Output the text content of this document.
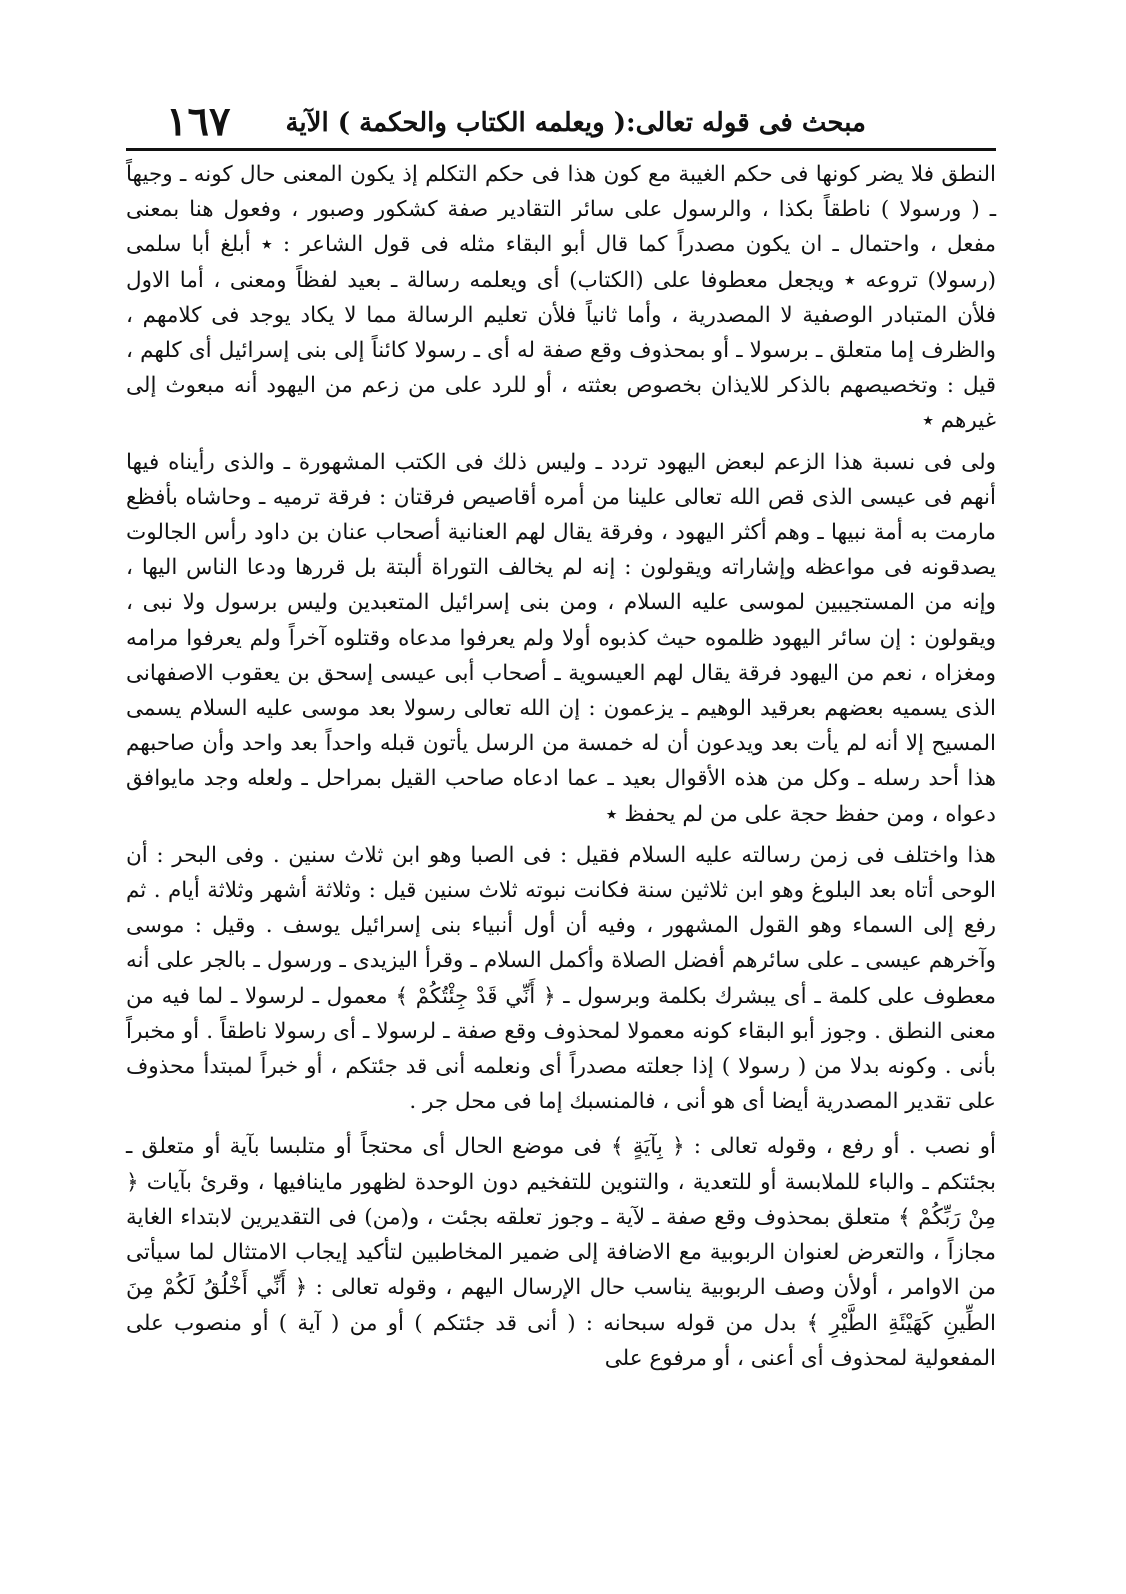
مبحث فى قوله تعالى:( ويعلمه الكتاب والحكمة ) الآية
١٦٧

النطق فلا يضر كونها فى حكم الغيبة مع كون هذا فى حكم التكلم إذ يكون المعنى حال كونه ـ وجيهاً ـ ( ورسولا ) ناطقاً بكذا ، والرسول على سائر التقادير صفة كشكور وصبور ، وفعول هنا بمعنى مفعل ، واحتمال ـ ان يكون مصدراً كما قال أبو البقاء مثله فى قول الشاعر : ٭ أبلغ أبا سلمى (رسولا) تروعه ٭ ويجعل معطوفا على (الكتاب) أى ويعلمه رسالة ـ بعيد لفظاً ومعنى ، أما الاول فلأن المتبادر الوصفية لا المصدرية ، وأما ثانياً فلأن تعليم الرسالة مما لا يكاد يوجد فى كلامهم ، والظرف إما متعلق ـ برسولا ـ أو بمحذوف وقع صفة له أى ـ رسولا كائناً إلى بنى إسرائيل أى كلهم ، قيل : وتخصيصهم بالذكر للايذان بخصوص بعثته ، أو للرد على من زعم من اليهود أنه مبعوث إلى غيرهم ٭

ولى فى نسبة هذا الزعم لبعض اليهود تردد ـ وليس ذلك فى الكتب المشهورة ـ والذى رأيناه فيها أنهم فى عيسى الذى قص الله تعالى علينا من أمره أقاصيص فرقتان : فرقة ترميه ـ وحاشاه بأفظع مارمت به أمة نبيها ـ وهم أكثر اليهود ، وفرقة يقال لهم العنانية أصحاب عنان بن داود رأس الجالوت يصدقونه فى مواعظه وإشاراته ويقولون : إنه لم يخالف التوراة ألبتة بل قررها ودعا الناس اليها ، وإنه من المستجيبين لموسى عليه السلام ، ومن بنى إسرائيل المتعبدين وليس برسول ولا نبى ، ويقولون : إن سائر اليهود ظلموه حيث كذبوه أولا ولم يعرفوا مدعاه وقتلوه آخراً ولم يعرفوا مرامه ومغزاه ، نعم من اليهود فرقة يقال لهم العيسوية ـ أصحاب أبى عيسى إسحق بن يعقوب الاصفهانى الذى يسميه بعضهم بعرقيد الوهيم ـ يزعمون : إن الله تعالى رسولا بعد موسى عليه السلام يسمى المسيح إلا أنه لم يأت بعد ويدعون أن له خمسة من الرسل يأتون قبله واحداً بعد واحد وأن صاحبهم هذا أحد رسله ـ وكل من هذه الأقوال بعيد ـ عما ادعاه صاحب القيل بمراحل ـ ولعله وجد مايوافق دعواه ، ومن حفظ حجة على من لم يحفظ ٭

هذا واختلف فى زمن رسالته عليه السلام فقيل : فى الصبا وهو ابن ثلاث سنين . وفى البحر : أن الوحى أتاه بعد البلوغ وهو ابن ثلاثين سنة فكانت نبوته ثلاث سنين قيل : وثلاثة أشهر وثلاثة أيام . ثم رفع إلى السماء وهو القول المشهور ، وفيه أن أول أنبياء بنى إسرائيل يوسف . وقيل : موسى وآخرهم عيسى ـ على سائرهم أفضل الصلاة وأكمل السلام ـ وقرأ اليزيدى ـ ورسول ـ بالجر على أنه معطوف على كلمة ـ أى يبشرك بكلمة وبرسول ـ ﴿ أَنِّي قَدْ جِئْتُكُمْ ﴾ معمول ـ لرسولا ـ لما فيه من معنى النطق . وجوز أبو البقاء كونه معمولا لمحذوف وقع صفة ـ لرسولا ـ أى رسولا ناطقاً . أو مخبراً بأنى . وكونه بدلا من ( رسولا ) إذا جعلته مصدراً أى ونعلمه أنى قد جئتكم ، أو خبراً لمبتدأ محذوف على تقدير المصدرية أيضا أى هو أنى ، فالمنسبك إما فى محل جر .

أو نصب . أو رفع ، وقوله تعالى : ﴿ بِآيَةٍ ﴾ فى موضع الحال أى محتجاً أو متلبسا بآية أو متعلق ـ بجئتكم ـ والباء للملابسة أو للتعدية ، والتنوين للتفخيم دون الوحدة لظهور ماينافيها ، وقرئ بآيات ﴿ مِنْ رَبِّكُمْ ﴾ متعلق بمحذوف وقع صفة ـ لآية ـ وجوز تعلقه بجئت ، و(من) فى التقديرين لابتداء الغاية مجازاً ، والتعرض لعنوان الربوبية مع الاضافة إلى ضمير المخاطبين لتأكيد إيجاب الامتثال لما سيأتى من الاوامر ، أولأن وصف الربوبية يناسب حال الإرسال اليهم ، وقوله تعالى : ﴿ أَنِّي أَخْلُقُ لَكُمْ مِنَ الطِّينِ كَهَيْئَةِ الطَّيْرِ ﴾ بدل من قوله سبحانه : ( أنى قد جئتكم ) أو من ( آية ) أو منصوب على المفعولية لمحذوف أى أعنى ، أو مرفوع على
